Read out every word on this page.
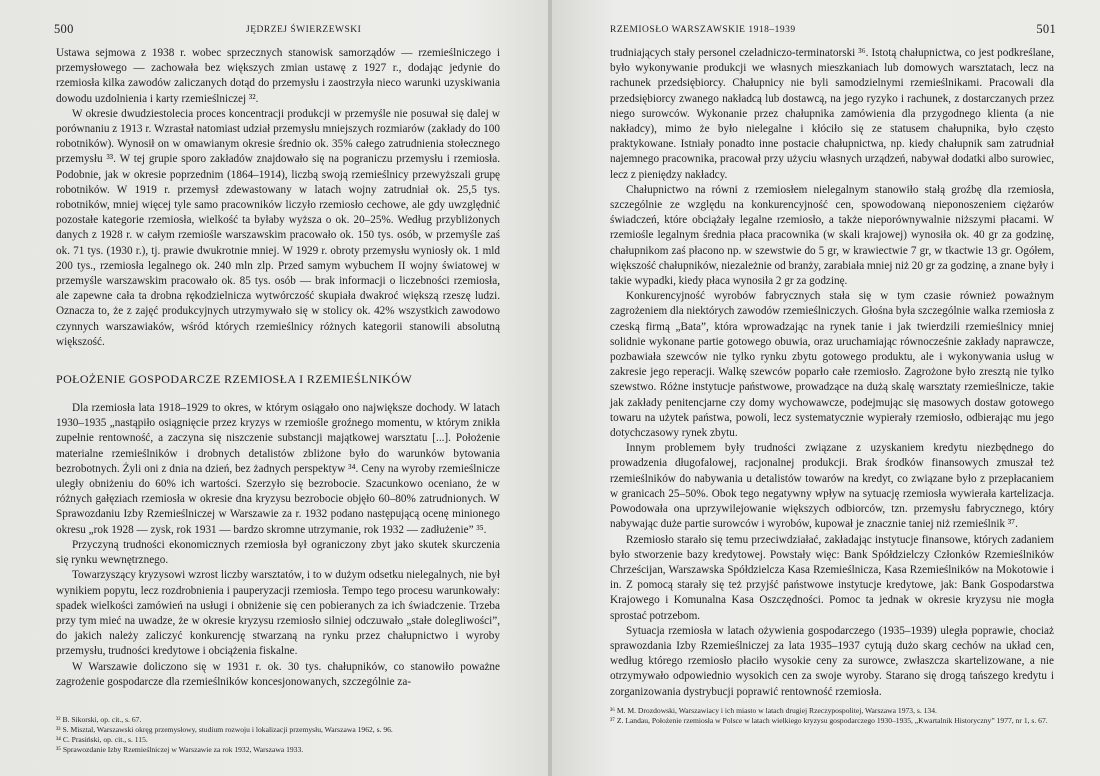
500	JĘDRZEJ ŚWIERZEWSKI

Ustawa sejmowa z 1938 r. wobec sprzecznych stanowisk samorządów — rzemieślniczego i przemysłowego — zachowała bez większych zmian ustawę z 1927 r., dodając jedynie do rzemiosła kilka zawodów zaliczanych dotąd do przemysłu i zaostrzyła nieco warunki uzyskiwania dowodu uzdolnienia i karty rzemieślniczej ³².

W okresie dwudziestolecia proces koncentracji produkcji w przemyśle nie posuwał się dalej w porównaniu z 1913 r. Wzrastał natomiast udział przemysłu mniejszych rozmiarów (zakłady do 100 robotników). Wynosił on w omawianym okresie średnio ok. 35% całego zatrudnienia stołecznego przemysłu ³³. W tej grupie sporo zakładów znajdowało się na pograniczu przemysłu i rzemiosła. Podobnie, jak w okresie poprzednim (1864–1914), liczbą swoją rzemieślnicy przewyższali grupę robotników. W 1919 r. przemysł zdewastowany w latach wojny zatrudniał ok. 25,5 tys. robotników, mniej więcej tyle samo pracowników liczyło rzemiosło cechowe, ale gdy uwzględnić pozostałe kategorie rzemiosła, wielkość ta byłaby wyższa o ok. 20–25%. Według przybliżonych danych z 1928 r. w całym rzemiośle warszawskim pracowało ok. 150 tys. osób, w przemyśle zaś ok. 71 tys. (1930 r.), tj. prawie dwukrotnie mniej. W 1929 r. obroty przemysłu wyniosły ok. 1 mld 200 tys., rzemiosła legalnego ok. 240 mln zlp. Przed samym wybuchem II wojny światowej w przemyśle warszawskim pracowało ok. 85 tys. osób — brak informacji o liczebności rzemiosła, ale zapewne cała ta drobna rękodzielnicza wytwórczość skupiała dwakroć większą rzeszę ludzi. Oznacza to, że z zajęć produkcyjnych utrzymywało się w stolicy ok. 42% wszystkich zawodowo czynnych warszawiaków, wśród których rzemieślnicy różnych kategorii stanowili absolutną większość.

POŁOŻENIE GOSPODARCZE RZEMIOSŁA I RZEMIEŚLNIKÓW

Dla rzemiosła lata 1918–1929 to okres, w którym osiągało ono największe dochody. W latach 1930–1935 „nastąpiło osiągnięcie przez kryzys w rzemiośle groźnego momentu, w którym znikła zupełnie rentowność, a zaczyna się niszczenie substancji majątkowej warsztatu [...]. Położenie materialne rzemieślników i drobnych detalistów zbliżone było do warunków bytowania bezrobotnych. Żyli oni z dnia na dzień, bez żadnych perspektyw ³⁴. Ceny na wyroby rzemieślnicze uległy obniżeniu do 60% ich wartości. Szerzyło się bezrobocie. Szacunkowo oceniano, że w różnych gałęziach rzemiosła w okresie dna kryzysu bezrobocie objęło 60–80% zatrudnionych. W Sprawozdaniu Izby Rzemieślniczej w Warszawie za r. 1932 podano następującą ocenę minionego okresu „rok 1928 — zysk, rok 1931 — bardzo skromne utrzymanie, rok 1932 — zadłużenie” ³⁵.

Przyczyną trudności ekonomicznych rzemiosła był ograniczony zbyt jako skutek skurczenia się rynku wewnętrznego.

Towarzyszący kryzysowi wzrost liczby warsztatów, i to w dużym odsetku nielegalnych, nie był wynikiem popytu, lecz rozdrobnienia i pauperyzacji rzemiosła. Tempo tego procesu warunkowały: spadek wielkości zamówień na usługi i obniżenie się cen pobieranych za ich świadczenie. Trzeba przy tym mieć na uwadze, że w okresie kryzysu rzemiosło silniej odczuwało „stałe dolegliwości”, do jakich należy zaliczyć konkurencję stwarzaną na rynku przez chałupnictwo i wyroby przemysłu, trudności kredytowe i obciążenia fiskalne.

W Warszawie doliczono się w 1931 r. ok. 30 tys. chałupników, co stanowiło poważne zagrożenie gospodarcze dla rzemieślników koncesjonowanych, szczególnie za-

³² B. Sikorski, op. cit., s. 67.

³³ S. Misztal, Warszawski okręg przemysłowy, studium rozwoju i lokalizacji przemysłu, Warszawa 1962, s. 96.

³⁴ C. Prasiński, op. cit., s. 115.

³⁵ Sprawozdanie Izby Rzemieślniczej w Warszawie za rok 1932, Warszawa 1933.

RZEMIOSŁO WARSZAWSKIE 1918–1939	501

trudniających stały personel czeladniczo-terminatorski ³⁶. Istotą chałupnictwa, co jest podkreślane, było wykonywanie produkcji we własnych mieszkaniach lub domowych warsztatach, lecz na rachunek przedsiębiorcy. Chałupnicy nie byli samodzielnymi rzemieślnikami. Pracowali dla przedsiębiorcy zwanego nakładcą lub dostawcą, na jego ryzyko i rachunek, z dostarczanych przez niego surowców. Wykonanie przez chałupnika zamówienia dla przygodnego klienta (a nie nakładcy), mimo że było nielegalne i kłóciło się ze statusem chałupnika, było często praktykowane. Istniały ponadto inne postacie chałupnictwa, np. kiedy chałupnik sam zatrudniał najemnego pracownika, pracował przy użyciu własnych urządzeń, nabywał dodatki albo surowiec, lecz z pieniędzy nakładcy.

Chałupnictwo na równi z rzemiosłem nielegalnym stanowiło stałą groźbę dla rzemiosła, szczególnie ze względu na konkurencyjność cen, spowodowaną nieponoszeniem ciężarów świadczeń, które obciążały legalne rzemiosło, a także nieporównywalnie niższymi płacami. W rzemiośle legalnym średnia płaca pracownika (w skali krajowej) wynosiła ok. 40 gr za godzinę, chałupnikom zaś płacono np. w szewstwie do 5 gr, w krawiectwie 7 gr, w tkactwie 13 gr. Ogółem, większość chałupników, niezależnie od branży, zarabiała mniej niż 20 gr za godzinę, a znane były i takie wypadki, kiedy płaca wynosiła 2 gr za godzinę.

Konkurencyjność wyrobów fabrycznych stała się w tym czasie również poważnym zagrożeniem dla niektórych zawodów rzemieślniczych. Głośna była szczególnie walka rzemiosła z czeską firmą „Bata”, która wprowadzając na rynek tanie i jak twierdzili rzemieślnicy mniej solidnie wykonane partie gotowego obuwia, oraz uruchamiając równocześnie zakłady naprawcze, pozbawiała szewców nie tylko rynku zbytu gotowego produktu, ale i wykonywania usług w zakresie jego reperacji. Walkę szewców poparło całe rzemiosło. Zagrożone było zresztą nie tylko szewstwo. Różne instytucje państwowe, prowadzące na dużą skalę warsztaty rzemieślnicze, takie jak zakłady penitencjarne czy domy wychowawcze, podejmując się masowych dostaw gotowego towaru na użytek państwa, powoli, lecz systematycznie wypierały rzemiosło, odbierając mu jego dotychczasowy rynek zbytu.

Innym problemem były trudności związane z uzyskaniem kredytu niezbędnego do prowadzenia długofalowej, racjonalnej produkcji. Brak środków finansowych zmuszał też rzemieślników do nabywania u detalistów towarów na kredyt, co związane było z przepłacaniem w granicach 25–50%. Obok tego negatywny wpływ na sytuację rzemiosła wywierała kartelizacja. Powodowała ona uprzywilejowanie większych odbiorców, tzn. przemysłu fabrycznego, który nabywając duże partie surowców i wyrobów, kupował je znacznie taniej niż rzemieślnik ³⁷.

Rzemiosło starało się temu przeciwdziałać, zakładając instytucje finansowe, których zadaniem było stworzenie bazy kredytowej. Powstały więc: Bank Spółdzielczy Członków Rzemieślników Chrześcijan, Warszawska Spółdzielcza Kasa Rzemieślnicza, Kasa Rzemieślników na Mokotowie i in. Z pomocą starały się też przyjść państwowe instytucje kredytowe, jak: Bank Gospodarstwa Krajowego i Komunalna Kasa Oszczędności. Pomoc ta jednak w okresie kryzysu nie mogła sprostać potrzebom.

Sytuacja rzemiosła w latach ożywienia gospodarczego (1935–1939) uległa poprawie, chociaż sprawozdania Izby Rzemieślniczej za lata 1935–1937 cytują dużo skarg cechów na układ cen, według którego rzemiosło płaciło wysokie ceny za surowce, zwłaszcza skartelizowane, a nie otrzymywało odpowiednio wysokich cen za swoje wyroby. Starano się drogą tańszego kredytu i zorganizowania dystrybucji poprawić rentowność rzemiosła.

³⁶ M. M. Drozdowski, Warszawiacy i ich miasto w latach drugiej Rzeczypospolitej, Warszawa 1973, s. 134.

³⁷ Z. Landau, Położenie rzemiosła w Polsce w latach wielkiego kryzysu gospodarczego 1930–1935, „Kwartalnik Historyczny” 1977, nr 1, s. 67.
